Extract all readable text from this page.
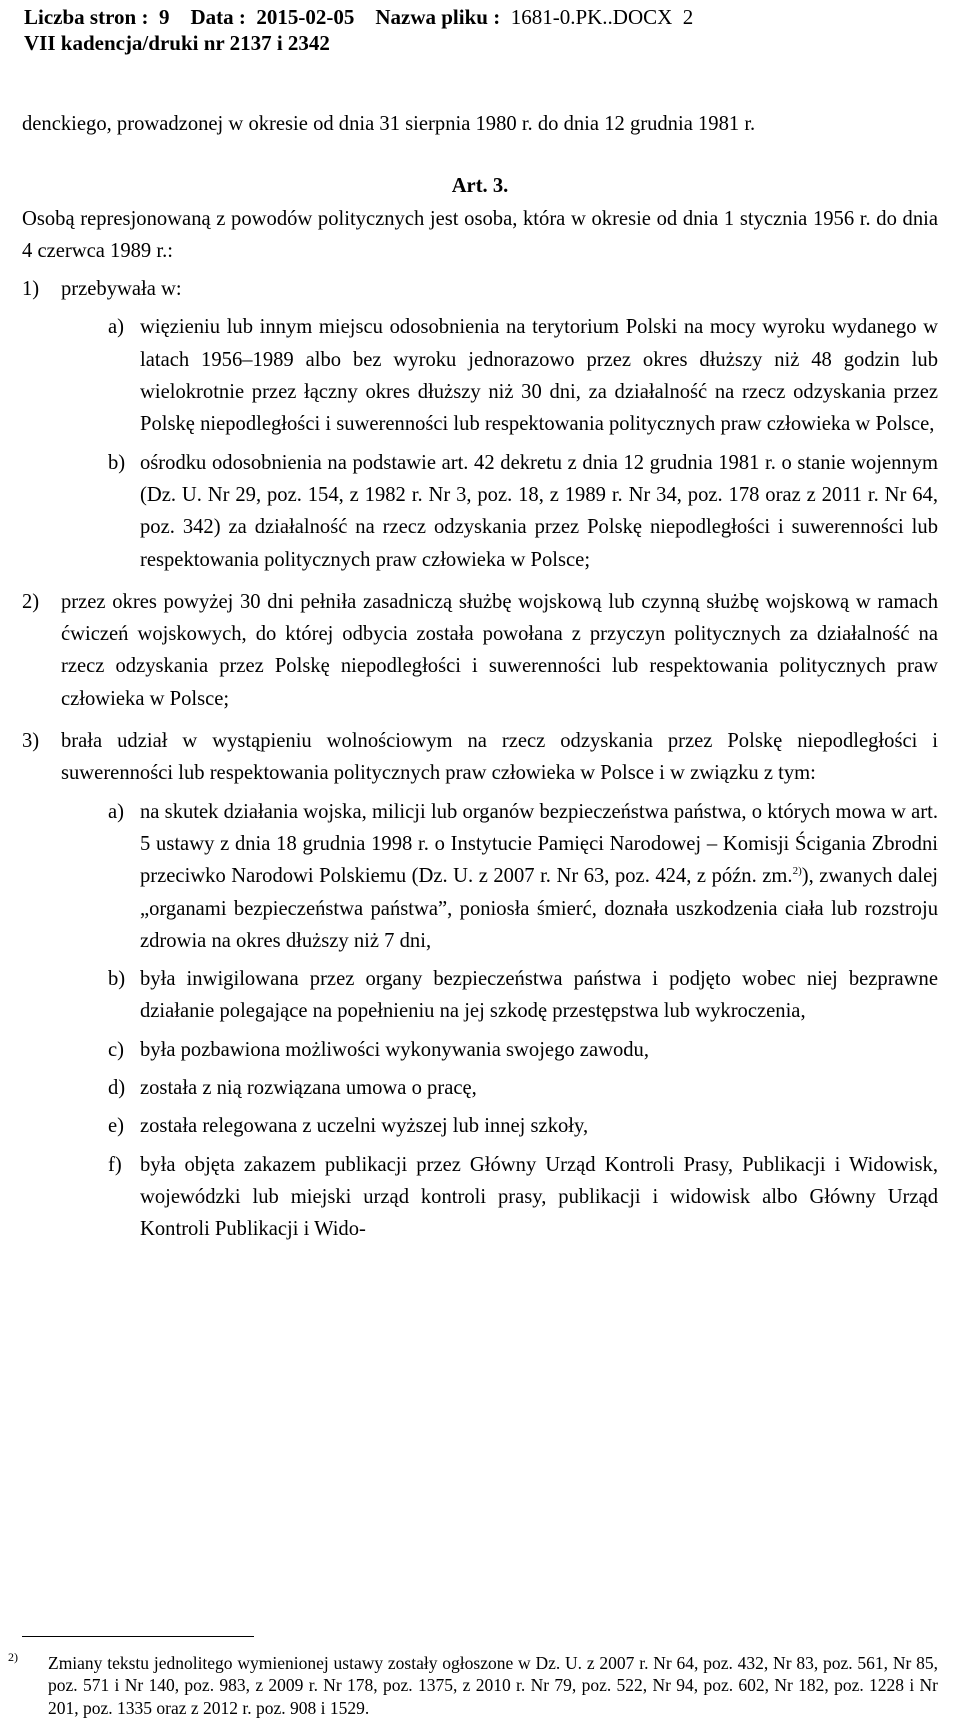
Liczba stron :  9 Data :  2015-02-05 Nazwa pliku : 1681-0.PK..DOCX  2
VII kadencja/druki nr 2137 i 2342

denckiego, prowadzonej w okresie od dnia 31 sierpnia 1980 r. do dnia 12 grudnia 1981 r.

Art. 3.

Osobą represjonowaną z powodów politycznych jest osoba, która w okresie od dnia 1 stycznia 1956 r. do dnia 4 czerwca 1989 r.:

1) przebywała w:
a) więzieniu lub innym miejscu odosobnienia na terytorium Polski na mocy wyroku wydanego w latach 1956–1989 albo bez wyroku jednorazowo przez okres dłuższy niż 48 godzin lub wielokrotnie przez łączny okres dłuższy niż 30 dni, za działalność na rzecz odzyskania przez Polskę niepodległości i suwerenności lub respektowania politycznych praw człowieka w Polsce,
b) ośrodku odosobnienia na podstawie art. 42 dekretu z dnia 12 grudnia 1981 r. o stanie wojennym (Dz. U. Nr 29, poz. 154, z 1982 r. Nr 3, poz. 18, z 1989 r. Nr 34, poz. 178 oraz z 2011 r. Nr 64, poz. 342) za działalność na rzecz odzyskania przez Polskę niepodległości i suwerenności lub respektowania politycznych praw człowieka w Polsce;
2) przez okres powyżej 30 dni pełniła zasadniczą służbę wojskową lub czynną służbę wojskową w ramach ćwiczeń wojskowych, do której odbycia została powołana z przyczyn politycznych za działalność na rzecz odzyskania przez Polskę niepodległości i suwerenności lub respektowania politycznych praw człowieka w Polsce;
3) brała udział w wystąpieniu wolnościowym na rzecz odzyskania przez Polskę niepodległości i suwerenności lub respektowania politycznych praw człowieka w Polsce i w związku z tym:
a) na skutek działania wojska, milicji lub organów bezpieczeństwa państwa, o których mowa w art. 5 ustawy z dnia 18 grudnia 1998 r. o Instytucie Pamięci Narodowej – Komisji Ścigania Zbrodni przeciwko Narodowi Polskiemu (Dz. U. z 2007 r. Nr 63, poz. 424, z późn. zm.$^{2)}$), zwanych dalej „organami bezpieczeństwa państwa”, poniosła śmierć, doznała uszkodzenia ciała lub rozstroju zdrowia na okres dłuższy niż 7 dni,
b) była inwigilowana przez organy bezpieczeństwa państwa i podjęto wobec niej bezprawne działanie polegające na popełnieniu na jej szkodę przestępstwa lub wykroczenia,
c) była pozbawiona możliwości wykonywania swojego zawodu,
d) została z nią rozwiązana umowa o pracę,
e) została relegowana z uczelni wyższej lub innej szkoły,
f) była objęta zakazem publikacji przez Główny Urząd Kontroli Prasy, Publikacji i Widowisk, wojewódzki lub miejski urząd kontroli prasy, publikacji i widowisk albo Główny Urząd Kontroli Publikacji i Wido-
2)	Zmiany tekstu jednolitego wymienionej ustawy zostały ogłoszone w Dz. U. z 2007 r. Nr 64, poz. 432, Nr 83, poz. 561, Nr 85, poz. 571 i Nr 140, poz. 983, z 2009 r. Nr 178, poz. 1375, z 2010 r. Nr 79, poz. 522, Nr 94, poz. 602, Nr 182, poz. 1228 i Nr 201, poz. 1335 oraz z 2012 r. poz. 908 i 1529.
